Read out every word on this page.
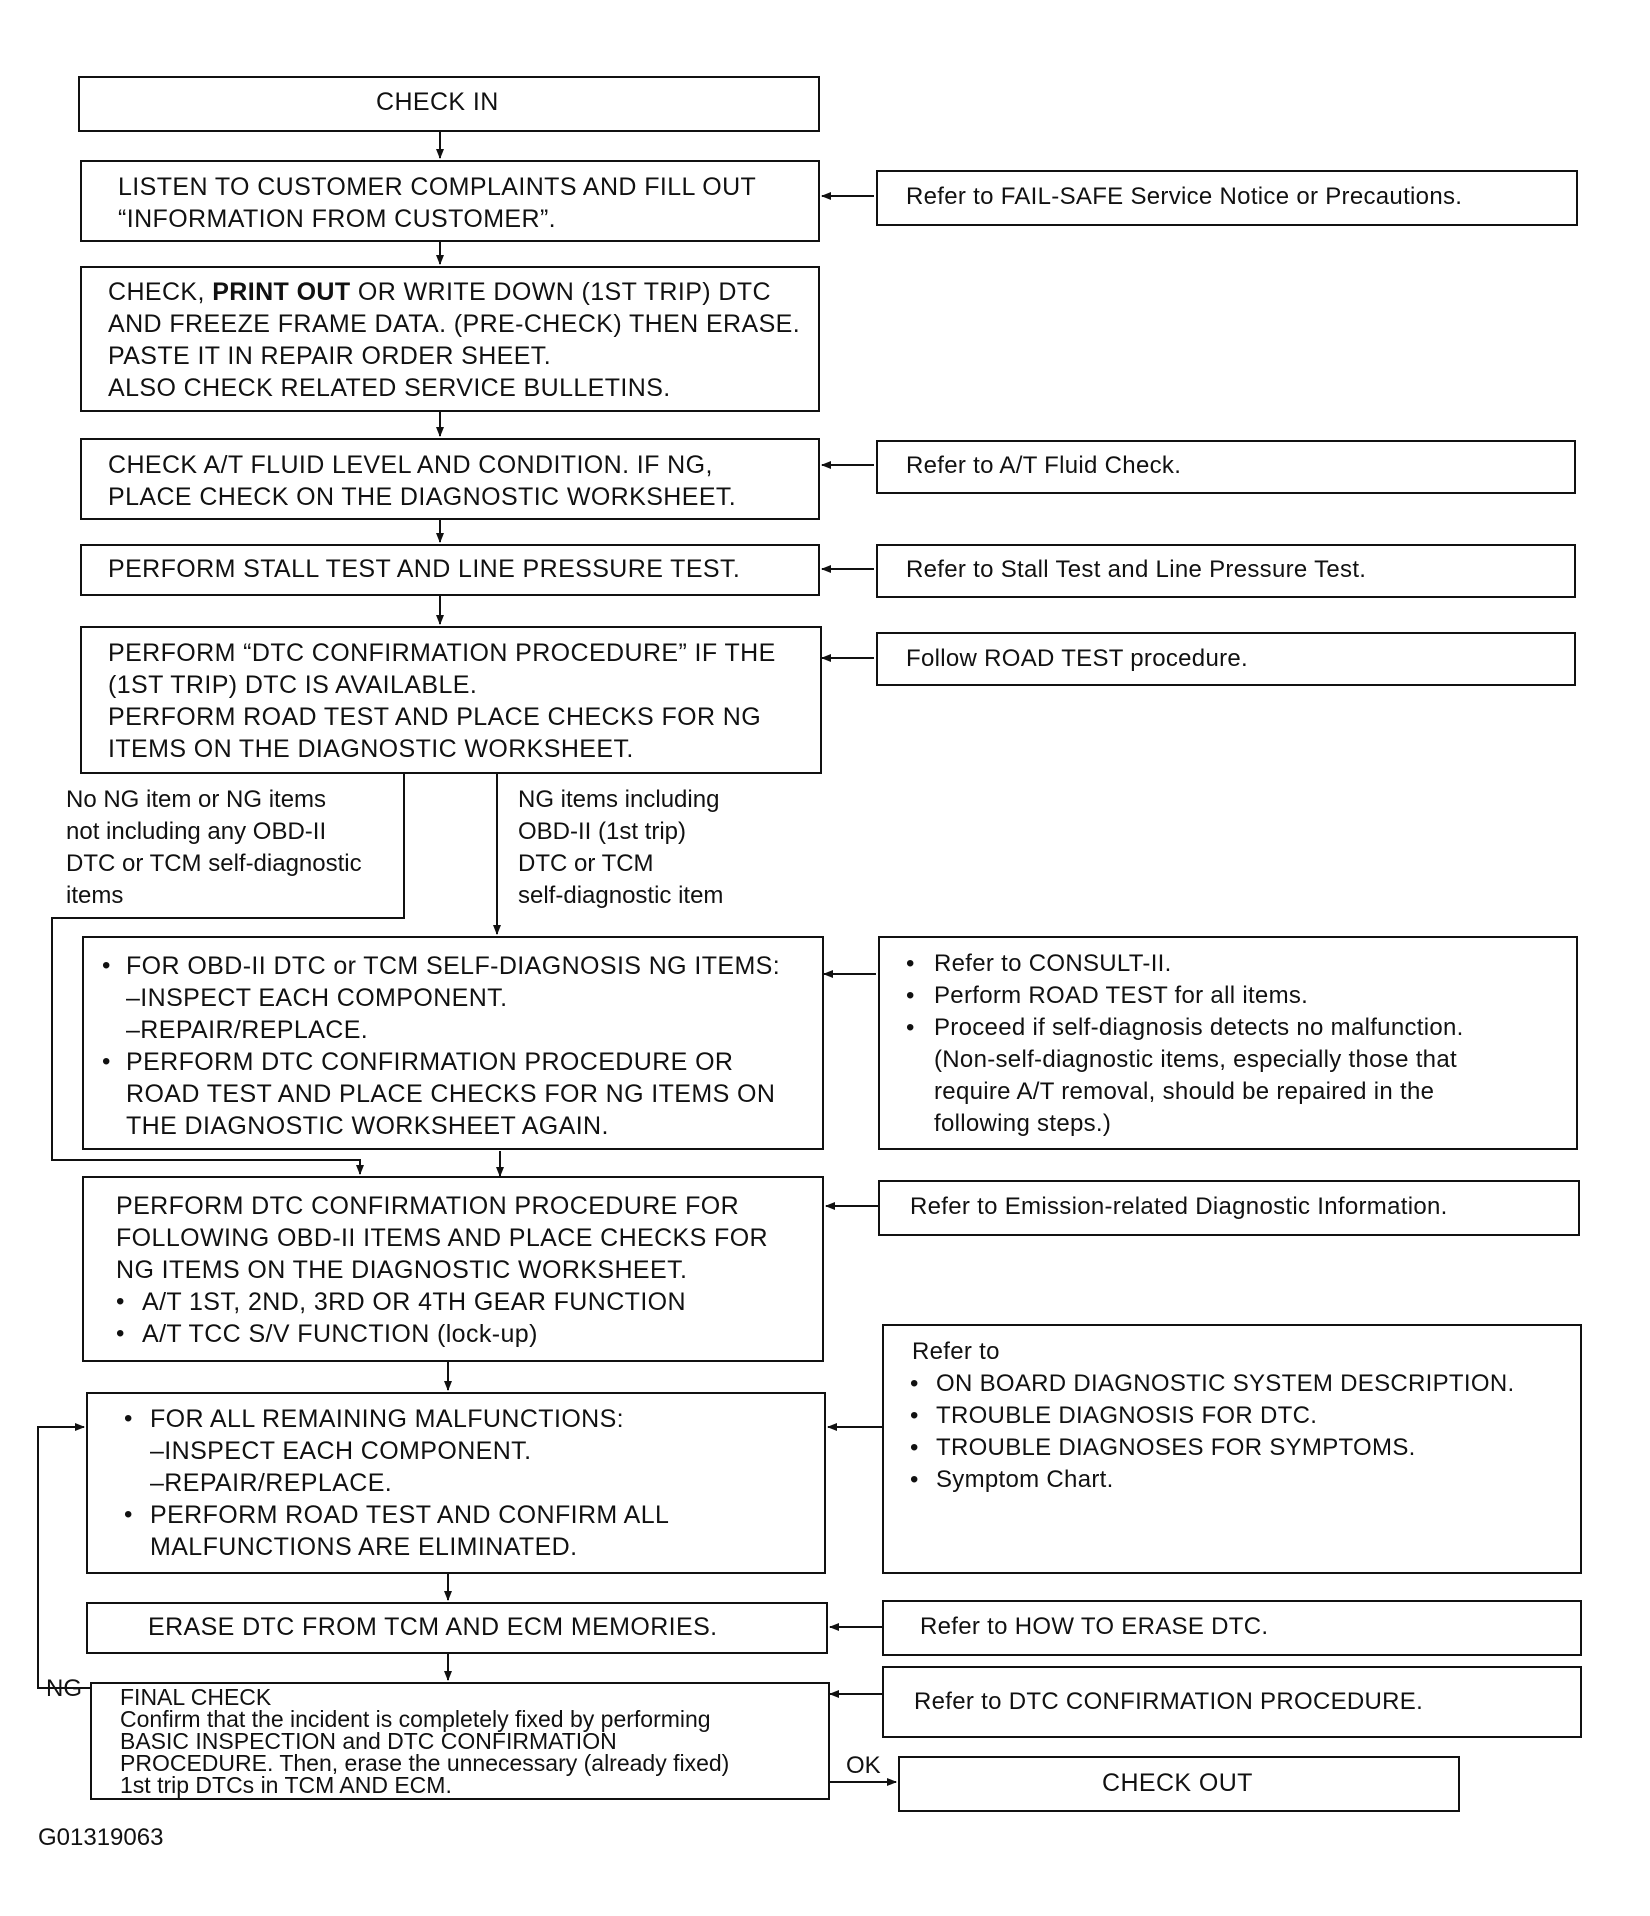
CHECK IN
LISTEN TO CUSTOMER COMPLAINTS AND FILL OUT
“INFORMATION FROM CUSTOMER”.
CHECK, PRINT OUT OR WRITE DOWN (1ST TRIP) DTC
AND FREEZE FRAME DATA. (PRE-CHECK) THEN ERASE.
PASTE IT IN REPAIR ORDER SHEET.
ALSO CHECK RELATED SERVICE BULLETINS.
CHECK A/T FLUID LEVEL AND CONDITION. IF NG,
PLACE CHECK ON THE DIAGNOSTIC WORKSHEET.
PERFORM STALL TEST AND LINE PRESSURE TEST.
PERFORM “DTC CONFIRMATION PROCEDURE” IF THE
(1ST TRIP) DTC IS AVAILABLE.
PERFORM ROAD TEST AND PLACE CHECKS FOR NG
ITEMS ON THE DIAGNOSTIC WORKSHEET.
No NG item or NG items
not including any OBD-II
DTC or TCM self-diagnostic
items
NG items including
OBD-II (1st trip)
DTC or TCM
self-diagnostic item
• FOR OBD-II DTC or TCM SELF-DIAGNOSIS NG ITEMS:
–INSPECT EACH COMPONENT.
–REPAIR/REPLACE.
• PERFORM DTC CONFIRMATION PROCEDURE OR
ROAD TEST AND PLACE CHECKS FOR NG ITEMS ON
THE DIAGNOSTIC WORKSHEET AGAIN.
PERFORM DTC CONFIRMATION PROCEDURE FOR
FOLLOWING OBD-II ITEMS AND PLACE CHECKS FOR
NG ITEMS ON THE DIAGNOSTIC WORKSHEET.
• A/T 1ST, 2ND, 3RD OR 4TH GEAR FUNCTION
• A/T TCC S/V FUNCTION (lock-up)
• FOR ALL REMAINING MALFUNCTIONS:
–INSPECT EACH COMPONENT.
–REPAIR/REPLACE.
• PERFORM ROAD TEST AND CONFIRM ALL
MALFUNCTIONS ARE ELIMINATED.
ERASE DTC FROM TCM AND ECM MEMORIES.
FINAL CHECK
Confirm that the incident is completely fixed by performing
BASIC INSPECTION and DTC CONFIRMATION
PROCEDURE. Then, erase the unnecessary (already fixed)
1st trip DTCs in TCM AND ECM.
NG
OK
CHECK OUT
Refer to FAIL-SAFE Service Notice or Precautions.
Refer to A/T Fluid Check.
Refer to Stall Test and Line Pressure Test.
Follow ROAD TEST procedure.
• Refer to CONSULT-II.
• Perform ROAD TEST for all items.
• Proceed if self-diagnosis detects no malfunction.
(Non-self-diagnostic items, especially those that
require A/T removal, should be repaired in the
following steps.)
Refer to Emission-related Diagnostic Information.
Refer to
• ON BOARD DIAGNOSTIC SYSTEM DESCRIPTION.
• TROUBLE DIAGNOSIS FOR DTC.
• TROUBLE DIAGNOSES FOR SYMPTOMS.
• Symptom Chart.
Refer to HOW TO ERASE DTC.
Refer to DTC CONFIRMATION PROCEDURE.
G01319063
